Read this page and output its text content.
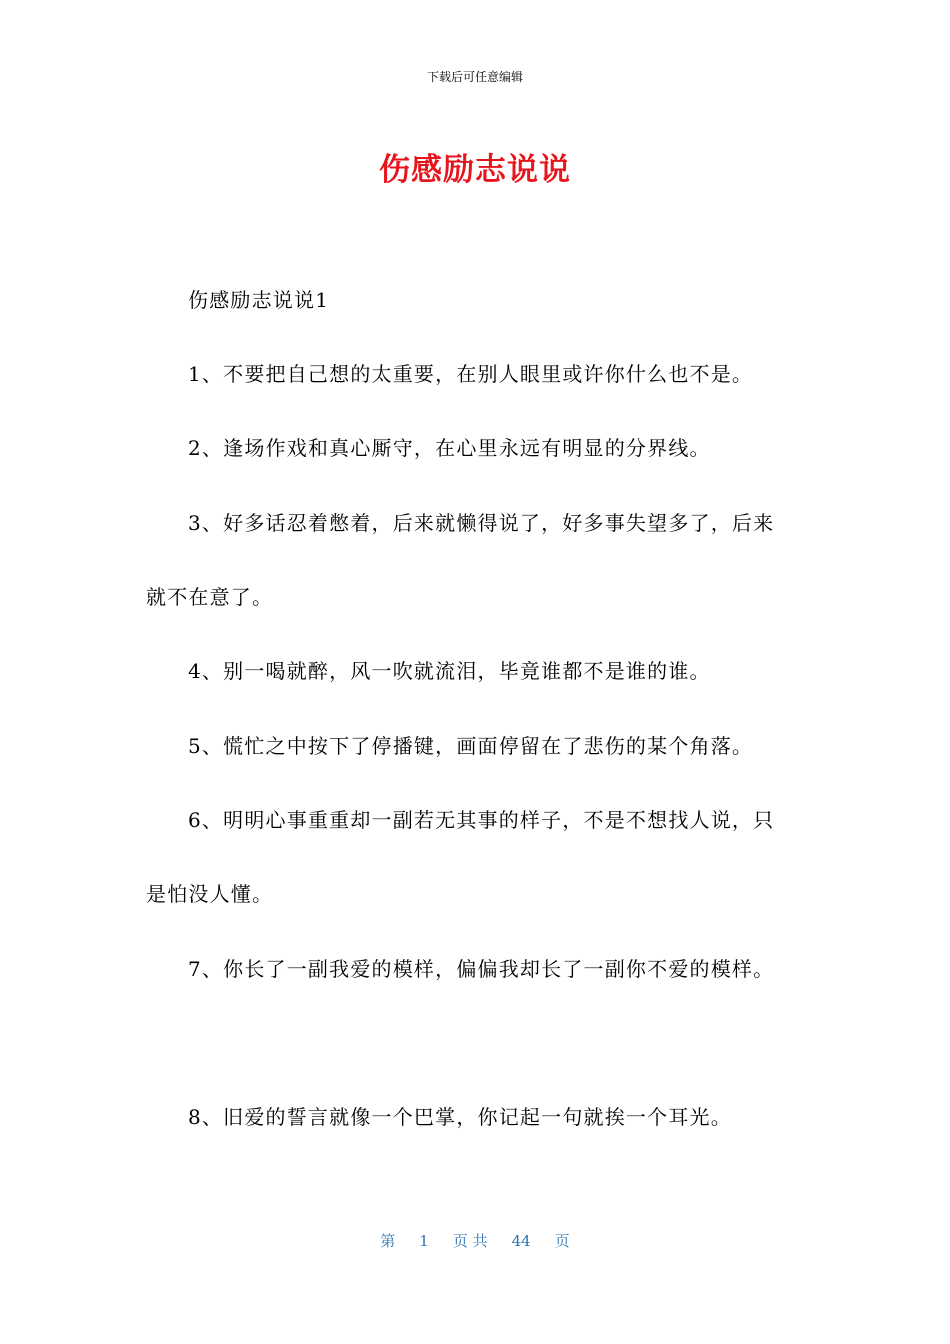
下载后可任意编辑
伤感励志说说
伤感励志说说1
1、不要把自己想的太重要，在别人眼里或许你什么也不是。
2、逢场作戏和真心厮守，在心里永远有明显的分界线。
3、好多话忍着憋着，后来就懒得说了，好多事失望多了，后来
就不在意了。
4、别一喝就醉，风一吹就流泪，毕竟谁都不是谁的谁。
5、慌忙之中按下了停播键，画面停留在了悲伤的某个角落。
6、明明心事重重却一副若无其事的样子，不是不想找人说，只
是怕没人懂。
7、你长了一副我爱的模样，偏偏我却长了一副你不爱的模样。
8、旧爱的誓言就像一个巴掌，你记起一句就挨一个耳光。
第 1 页 共 44 页
